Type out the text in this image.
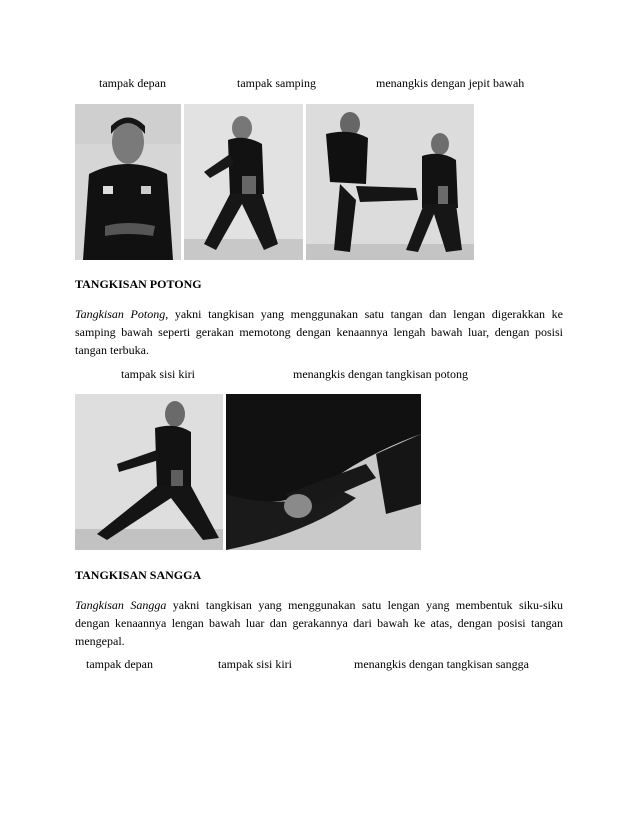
tampak depan	tampak samping	menangkis dengan jepit bawah
TANGKISAN POTONG
Tangkisan Potong, yakni tangkisan yang menggunakan satu tangan dan lengan digerakkan ke samping bawah seperti gerakan memotong dengan kenaannya lengah bawah luar, dengan posisi tangan terbuka.
tampak sisi kiri	menangkis dengan tangkisan potong
TANGKISAN SANGGA
Tangkisan Sangga yakni tangkisan yang menggunakan satu lengan yang membentuk siku-siku dengan kenaannya lengan bawah luar dan gerakannya dari bawah ke atas, dengan posisi tangan mengepal.
tampak depan	tampak sisi kiri	menangkis dengan tangkisan sangga
